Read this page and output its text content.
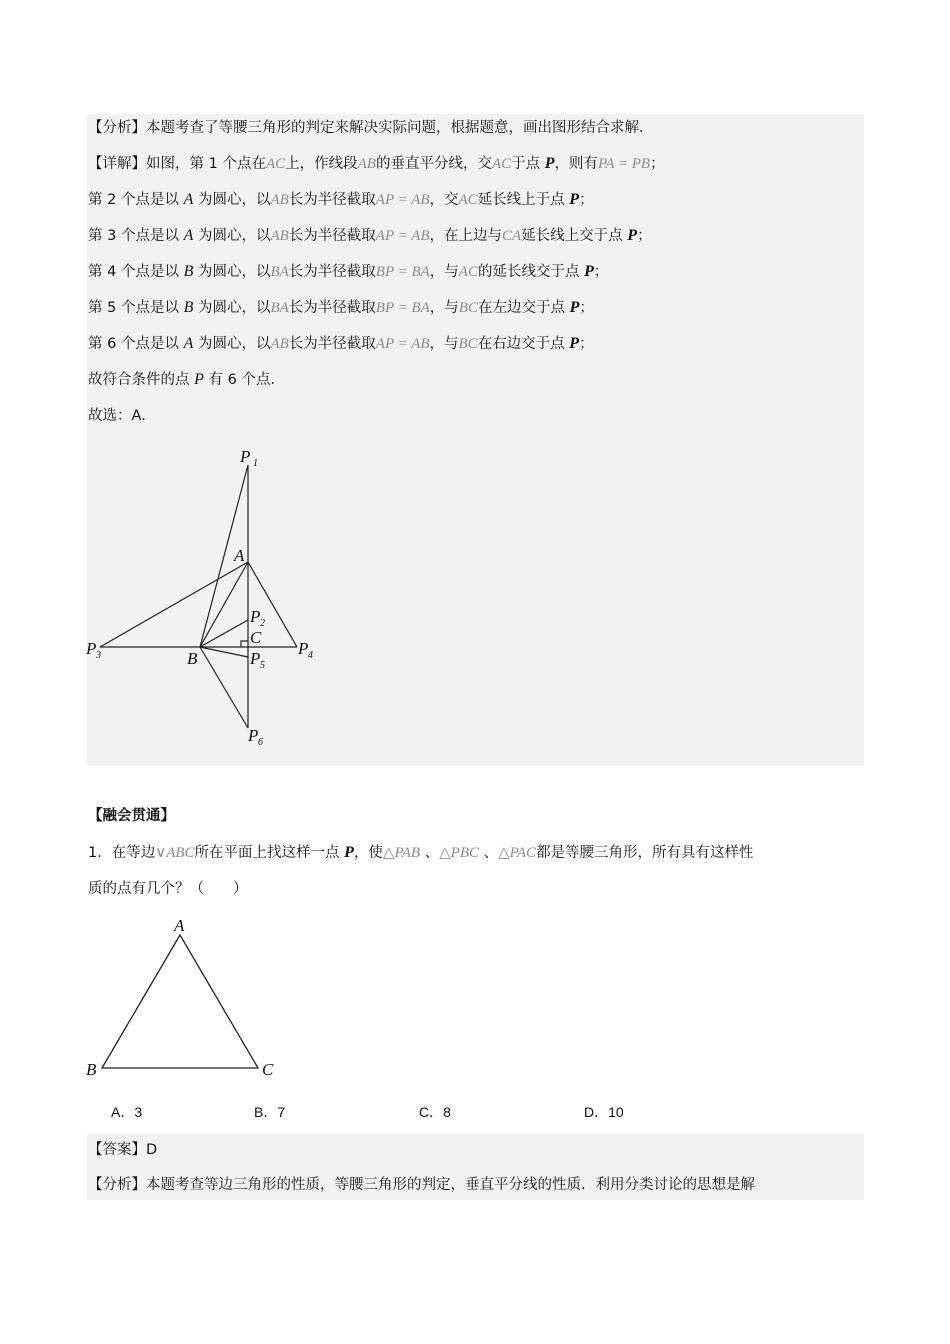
【分析】本题考查了等腰三角形的判定来解决实际问题，根据题意，画出图形结合求解．
【详解】如图，第 1 个点在AC上，作线段AB的垂直平分线，交AC于点 P，则有PA = PB；
第 2 个点是以 A 为圆心，以AB长为半径截取AP = AB，交AC延长线上于点 P；
第 3 个点是以 A 为圆心，以AB长为半径截取AP = AB，在上边与CA延长线上交于点 P；
第 4 个点是以 B 为圆心，以BA长为半径截取BP = BA，与AC的延长线交于点 P；
第 5 个点是以 B 为圆心，以BA长为半径截取BP = BA，与BC在左边交于点 P；
第 6 个点是以 A 为圆心，以AB长为半径截取AP = AB，与BC在右边交于点 P；
故符合条件的点 P 有 6 个点．
故选：A．
P 1
A
P 2
C
P 3	B
P 4
P 5
P 6
【融会贯通】
1．在等边∨ABC所在平面上找这样一点 P，使△PAB 、△PBC 、△PAC都是等腰三角形，所有具有这样性
质的点有几个？（　　）
A
B	C
A．3	B．7	C．8	D．10
【答案】D
【分析】本题考查等边三角形的性质，等腰三角形的判定，垂直平分线的性质．利用分类讨论的思想是解
